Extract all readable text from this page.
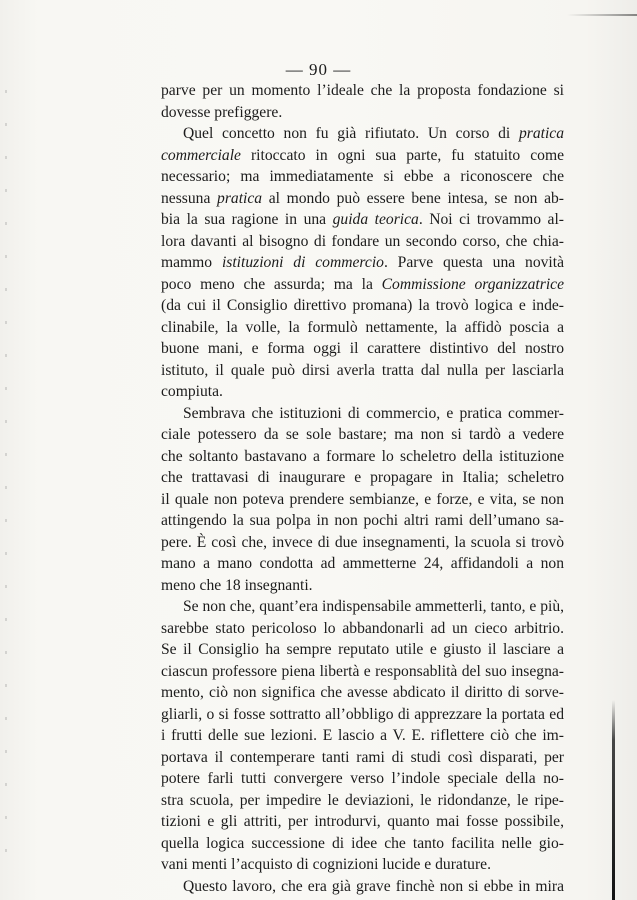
— 90 —
parve per un momento l’ideale che la proposta fondazione si
dovesse prefiggere.
Quel concetto non fu già rifiutato. Un corso di pratica
commerciale ritoccato in ogni sua parte, fu statuito come
necessario; ma immediatamente si ebbe a riconoscere che
nessuna pratica al mondo può essere bene intesa, se non ab-
bia la sua ragione in una guida teorica. Noi ci trovammo al-
lora davanti al bisogno di fondare un secondo corso, che chia-
mammo istituzioni di commercio. Parve questa una novità
poco meno che assurda; ma la Commissione organizzatrice
(da cui il Consiglio direttivo promana) la trovò logica e inde-
clinabile, la volle, la formulò nettamente, la affidò poscia a
buone mani, e forma oggi il carattere distintivo del nostro
istituto, il quale può dirsi averla tratta dal nulla per lasciarla
compiuta.
Sembrava che istituzioni di commercio, e pratica commer-
ciale potessero da se sole bastare; ma non si tardò a vedere
che soltanto bastavano a formare lo scheletro della istituzione
che trattavasi di inaugurare e propagare in Italia; scheletro
il quale non poteva prendere sembianze, e forze, e vita, se non
attingendo la sua polpa in non pochi altri rami dell’umano sa-
pere. È così che, invece di due insegnamenti, la scuola si trovò
mano a mano condotta ad ammetterne 24, affidandoli a non
meno che 18 insegnanti.
Se non che, quant’era indispensabile ammetterli, tanto, e più,
sarebbe stato pericoloso lo abbandonarli ad un cieco arbitrio.
Se il Consiglio ha sempre reputato utile e giusto il lasciare a
ciascun professore piena libertà e responsablità del suo insegna-
mento, ciò non significa che avesse abdicato il diritto di sorve-
gliarli, o si fosse sottratto all’obbligo di apprezzare la portata ed
i frutti delle sue lezioni. E lascio a V. E. riflettere ciò che im-
portava il contemperare tanti rami di studi così disparati, per
potere farli tutti convergere verso l’indole speciale della no-
stra scuola, per impedire le deviazioni, le ridondanze, le ripe-
tizioni e gli attriti, per introdurvi, quanto mai fosse possibile,
quella logica successione di idee che tanto facilita nelle gio-
vani menti l’acquisto di cognizioni lucide e durature.
Questo lavoro, che era già grave finchè non si ebbe in mira
